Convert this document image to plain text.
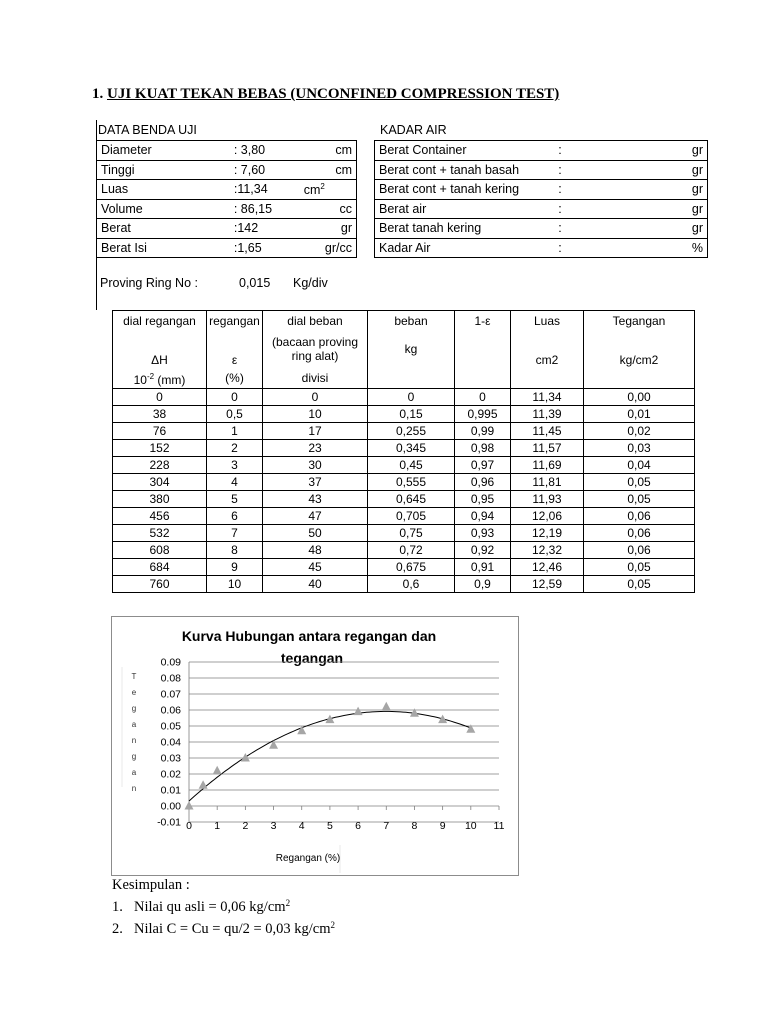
1. UJI KUAT TEKAN BEBAS (UNCONFINED COMPRESSION TEST)
DATA BENDA UJI
Diameter	: 3,80	cm
Tinggi	: 7,60	cm
Luas	:11,34	$cm^2$
Volume	: 86,15	cc
Berat	:142	gr
Berat Isi	:1,65	gr/cc
KADAR AIR
Berat Container	:	gr
Berat cont + tanah basah	:	gr
Berat cont + tanah kering	:	gr
Berat air	:	gr
Berat tanah kering	:	gr
Kadar Air	:	%
Proving Ring No :	0,015 Kg/div
dial regangan	regangan	dial beban	beban	1-ε	Luas	Tegangan
ΔH	ε	(bacaan proving ring alat)	kg		cm2	kg/cm2
$10^{-2}$ (mm)	(%)	divisi				
0	0	0	0	0	11,34	0,00
38	0,5	10	0,15	0,995	11,39	0,01
76	1	17	0,255	0,99	11,45	0,02
152	2	23	0,345	0,98	11,57	0,03
228	3	30	0,45	0,97	11,69	0,04
304	4	37	0,555	0,96	11,81	0,05
380	5	43	0,645	0,95	11,93	0,05
456	6	47	0,705	0,94	12,06	0,06
532	7	50	0,75	0,93	12,19	0,06
608	8	48	0,72	0,92	12,32	0,06
684	9	45	0,675	0,91	12,46	0,05
760	10	40	0,6	0,9	12,59	0,05
Kurva Hubungan antara regangan dan
tegangan
-0.01
0.00
0.01
0.02
0.03
0.04
0.05
0.06
0.07
0.08
0.09
0 1 2 3 4 5 6 7 8 9 10 11
T
e
g
a
n
g
a
n
Regangan (%)
Kesimpulan :
1. Nilai qu asli = 0,06 $kg/cm^2$
2. Nilai C = Cu = qu/2 = 0,03 $kg/cm^2$
